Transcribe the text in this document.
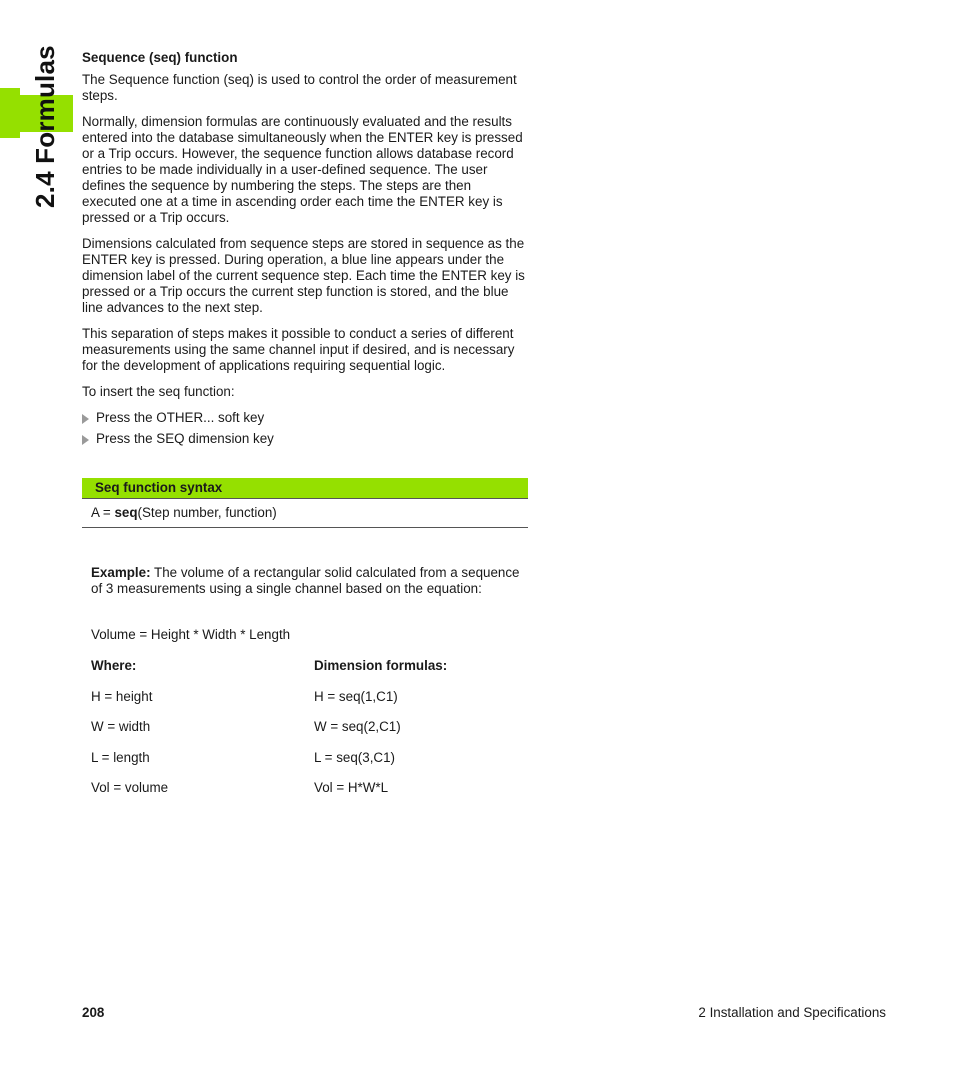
2.4 Formulas Sequence (seq) function

The Sequence function (seq) is used to control the order of measurement steps.

Normally, dimension formulas are continuously evaluated and the results entered into the database simultaneously when the ENTER key is pressed or a Trip occurs. However, the sequence function allows database record entries to be made individually in a user-defined sequence. The user defines the sequence by numbering the steps. The steps are then executed one at a time in ascending order each time the ENTER key is pressed or a Trip occurs.

Dimensions calculated from sequence steps are stored in sequence as the ENTER key is pressed. During operation, a blue line appears under the dimension label of the current sequence step. Each time the ENTER key is pressed or a Trip occurs the current step function is stored, and the blue line advances to the next step.

This separation of steps makes it possible to conduct a series of different measurements using the same channel input if desired, and is necessary for the development of applications requiring sequential logic.

To insert the seq function:

Press the OTHER... soft key
Press the SEQ dimension key
Seq function syntax
A = seq(Step number, function)
Example: The volume of a rectangular solid calculated from a sequence of 3 measurements using a single channel based on the equation:
Volume = Height * Width * Length
Where:	Dimension formulas:
H = height	H = seq(1,C1)
W = width	W = seq(2,C1)
L = length	L = seq(3,C1)
Vol = volume	Vol = H*W*L
208	2 Installation and Specifications
